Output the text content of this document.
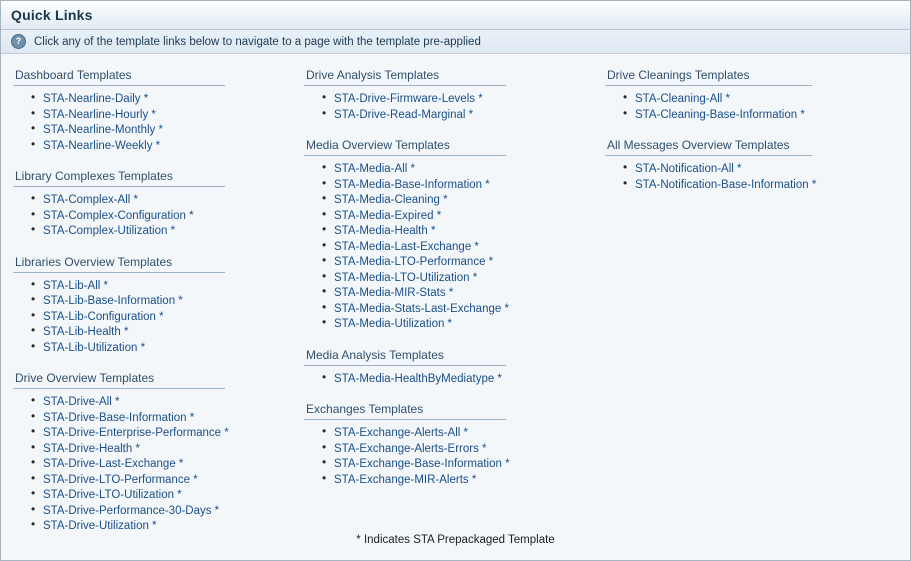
Quick Links
?	Click any of the template links below to navigate to a page with the template pre-applied
Dashboard Templates
• STA-Nearline-Daily *
• STA-Nearline-Hourly *
• STA-Nearline-Monthly *
• STA-Nearline-Weekly *
Library Complexes Templates
• STA-Complex-All *
• STA-Complex-Configuration *
• STA-Complex-Utilization *
Libraries Overview Templates
• STA-Lib-All *
• STA-Lib-Base-Information *
• STA-Lib-Configuration *
• STA-Lib-Health *
• STA-Lib-Utilization *
Drive Overview Templates
• STA-Drive-All *
• STA-Drive-Base-Information *
• STA-Drive-Enterprise-Performance *
• STA-Drive-Health *
• STA-Drive-Last-Exchange *
• STA-Drive-LTO-Performance *
• STA-Drive-LTO-Utilization *
• STA-Drive-Performance-30-Days *
• STA-Drive-Utilization *
Drive Analysis Templates
• STA-Drive-Firmware-Levels *
• STA-Drive-Read-Marginal *
Media Overview Templates
• STA-Media-All *
• STA-Media-Base-Information *
• STA-Media-Cleaning *
• STA-Media-Expired *
• STA-Media-Health *
• STA-Media-Last-Exchange *
• STA-Media-LTO-Performance *
• STA-Media-LTO-Utilization *
• STA-Media-MIR-Stats *
• STA-Media-Stats-Last-Exchange *
• STA-Media-Utilization *
Media Analysis Templates
• STA-Media-HealthByMediatype *
Exchanges Templates
• STA-Exchange-Alerts-All *
• STA-Exchange-Alerts-Errors *
• STA-Exchange-Base-Information *
• STA-Exchange-MIR-Alerts *
Drive Cleanings Templates
• STA-Cleaning-All *
• STA-Cleaning-Base-Information *
All Messages Overview Templates
• STA-Notification-All *
• STA-Notification-Base-Information *
* Indicates STA Prepackaged Template
